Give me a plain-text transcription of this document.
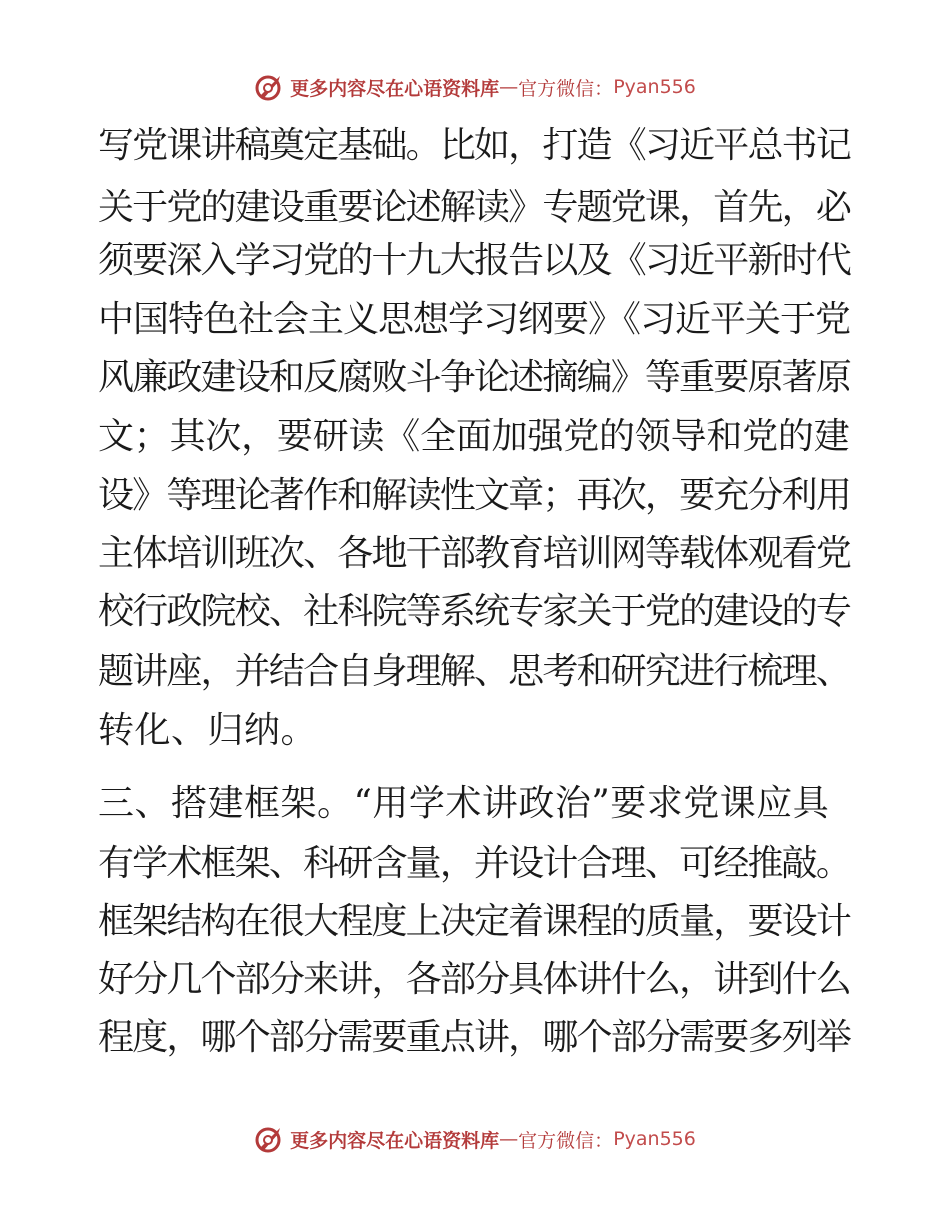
更多内容尽在心语资料库 — 官方微信： Pyan556
写党课讲稿奠定基础。比如，打造《习近平总书记
关于党的建设重要论述解读》专题党课，首先，必
须要深入学习党的十九大报告以及《习近平新时代
中国特色社会主义思想学习纲要》《习近平关于党
风廉政建设和反腐败斗争论述摘编》等重要原著原
文；其次，要研读《全面加强党的领导和党的建
设》等理论著作和解读性文章；再次，要充分利用
主体培训班次、各地干部教育培训网等载体观看党
校行政院校、社科院等系统专家关于党的建设的专
题讲座，并结合自身理解、思考和研究进行梳理、
转化、归纳。
三、搭建框架。“用学术讲政治”要求党课应具
有学术框架、科研含量，并设计合理、可经推敲。
框架结构在很大程度上决定着课程的质量，要设计
好分几个部分来讲，各部分具体讲什么，讲到什么
程度，哪个部分需要重点讲，哪个部分需要多列举
更多内容尽在心语资料库 — 官方微信： Pyan556
